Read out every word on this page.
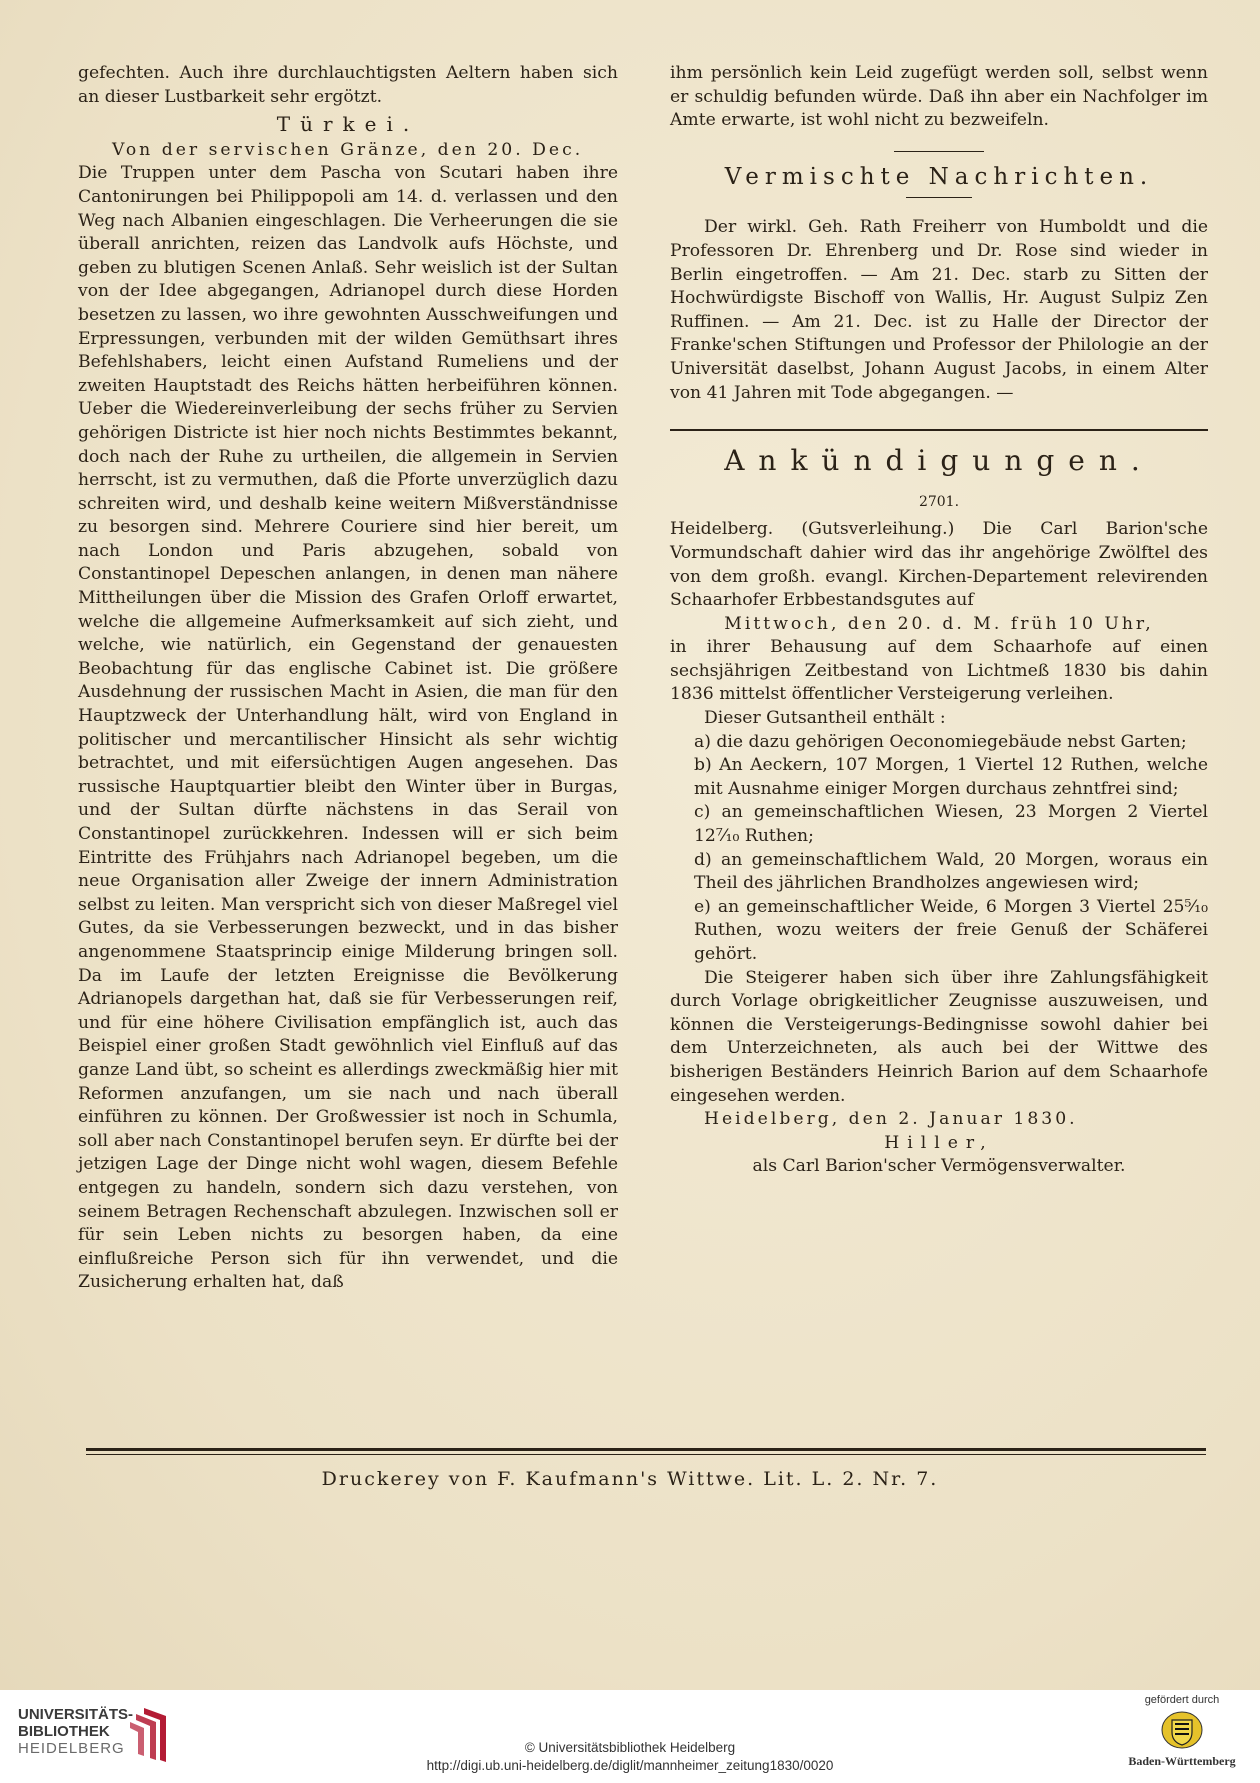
gefechten. Auch ihre durchlauchtigsten Aeltern haben sich an dieser Lustbarkeit sehr ergötzt.

Türkei.

Von der servischen Gränze, den 20. Dec.

Die Truppen unter dem Pascha von Scutari haben ihre Cantonirungen bei Philippopoli am 14. d. verlassen und den Weg nach Albanien eingeschlagen. Die Verheerungen die sie überall anrichten, reizen das Landvolk aufs Höchste, und geben zu blutigen Scenen Anlaß. Sehr weislich ist der Sultan von der Idee abgegangen, Adrianopel durch diese Horden besetzen zu lassen, wo ihre gewohnten Ausschweifungen und Erpressungen, verbunden mit der wilden Gemüthsart ihres Befehlshabers, leicht einen Aufstand Rumeliens und der zweiten Hauptstadt des Reichs hätten herbeiführen können. Ueber die Wiedereinverleibung der sechs früher zu Servien gehörigen Districte ist hier noch nichts Bestimmtes bekannt, doch nach der Ruhe zu urtheilen, die allgemein in Servien herrscht, ist zu vermuthen, daß die Pforte unverzüglich dazu schreiten wird, und deshalb keine weitern Mißverständnisse zu besorgen sind. Mehrere Couriere sind hier bereit, um nach London und Paris abzugehen, sobald von Constantinopel Depeschen anlangen, in denen man nähere Mittheilungen über die Mission des Grafen Orloff erwartet, welche die allgemeine Aufmerksamkeit auf sich zieht, und welche, wie natürlich, ein Gegenstand der genauesten Beobachtung für das englische Cabinet ist. Die größere Ausdehnung der russischen Macht in Asien, die man für den Hauptzweck der Unterhandlung hält, wird von England in politischer und mercantilischer Hinsicht als sehr wichtig betrachtet, und mit eifersüchtigen Augen angesehen. Das russische Hauptquartier bleibt den Winter über in Burgas, und der Sultan dürfte nächstens in das Serail von Constantinopel zurückkehren. Indessen will er sich beim Eintritte des Frühjahrs nach Adrianopel begeben, um die neue Organisation aller Zweige der innern Administration selbst zu leiten. Man verspricht sich von dieser Maßregel viel Gutes, da sie Verbesserungen bezweckt, und in das bisher angenommene Staatsprincip einige Milderung bringen soll. Da im Laufe der letzten Ereignisse die Bevölkerung Adrianopels dargethan hat, daß sie für Verbesserungen reif, und für eine höhere Civilisation empfänglich ist, auch das Beispiel einer großen Stadt gewöhnlich viel Einfluß auf das ganze Land übt, so scheint es allerdings zweckmäßig hier mit Reformen anzufangen, um sie nach und nach überall einführen zu können. Der Großwessier ist noch in Schumla, soll aber nach Constantinopel berufen seyn. Er dürfte bei der jetzigen Lage der Dinge nicht wohl wagen, diesem Befehle entgegen zu handeln, sondern sich dazu verstehen, von seinem Betragen Rechenschaft abzulegen. Inzwischen soll er für sein Leben nichts zu besorgen haben, da eine einflußreiche Person sich für ihn verwendet, und die Zusicherung erhalten hat, daß

ihm persönlich kein Leid zugefügt werden soll, selbst wenn er schuldig befunden würde. Daß ihn aber ein Nachfolger im Amte erwarte, ist wohl nicht zu bezweifeln.

Vermischte Nachrichten.

Der wirkl. Geh. Rath Freiherr von Humboldt und die Professoren Dr. Ehrenberg und Dr. Rose sind wieder in Berlin eingetroffen. — Am 21. Dec. starb zu Sitten der Hochwürdigste Bischoff von Wallis, Hr. August Sulpiz Zen Ruffinen. — Am 21. Dec. ist zu Halle der Director der Franke'schen Stiftungen und Professor der Philologie an der Universität daselbst, Johann August Jacobs, in einem Alter von 41 Jahren mit Tode abgegangen. —

Ankündigungen.
2701.

Heidelberg. (Gutsverleihung.) Die Carl Barion'sche Vormundschaft dahier wird das ihr angehörige Zwölftel des von dem großh. evangl. Kirchen-Departement relevirenden Schaarhofer Erbbestandsgutes auf

Mittwoch, den 20. d. M. früh 10 Uhr,

in ihrer Behausung auf dem Schaarhofe auf einen sechsjährigen Zeitbestand von Lichtmeß 1830 bis dahin 1836 mittelst öffentlicher Versteigerung verleihen.

Dieser Gutsantheil enthält :

a) die dazu gehörigen Oeconomiegebäude nebst Garten;

b) An Aeckern, 107 Morgen, 1 Viertel 12 Ruthen, welche mit Ausnahme einiger Morgen durchaus zehntfrei sind;

c) an gemeinschaftlichen Wiesen, 23 Morgen 2 Viertel 12⁷⁄₁₀ Ruthen;

d) an gemeinschaftlichem Wald, 20 Morgen, woraus ein Theil des jährlichen Brandholzes angewiesen wird;

e) an gemeinschaftlicher Weide, 6 Morgen 3 Viertel 25⁵⁄₁₀ Ruthen, wozu weiters der freie Genuß der Schäferei gehört.

Die Steigerer haben sich über ihre Zahlungsfähigkeit durch Vorlage obrigkeitlicher Zeugnisse auszuweisen, und können die Versteigerungs-Bedingnisse sowohl dahier bei dem Unterzeichneten, als auch bei der Wittwe des bisherigen Beständers Heinrich Barion auf dem Schaarhofe eingesehen werden.

Heidelberg, den 2. Januar 1830.

Hiller,

als Carl Barion'scher Vermögensverwalter.

Druckerey von F. Kaufmann's Wittwe. Lit. L. 2. Nr. 7.
UNIVERSITÄTS-
BIBLIOTHEK
HEIDELBERG	© Universitätsbibliothek Heidelberg
http://digi.ub.uni-heidelberg.de/diglit/mannheimer_zeitung1830/0020
gefördert durch
Baden-Württemberg
